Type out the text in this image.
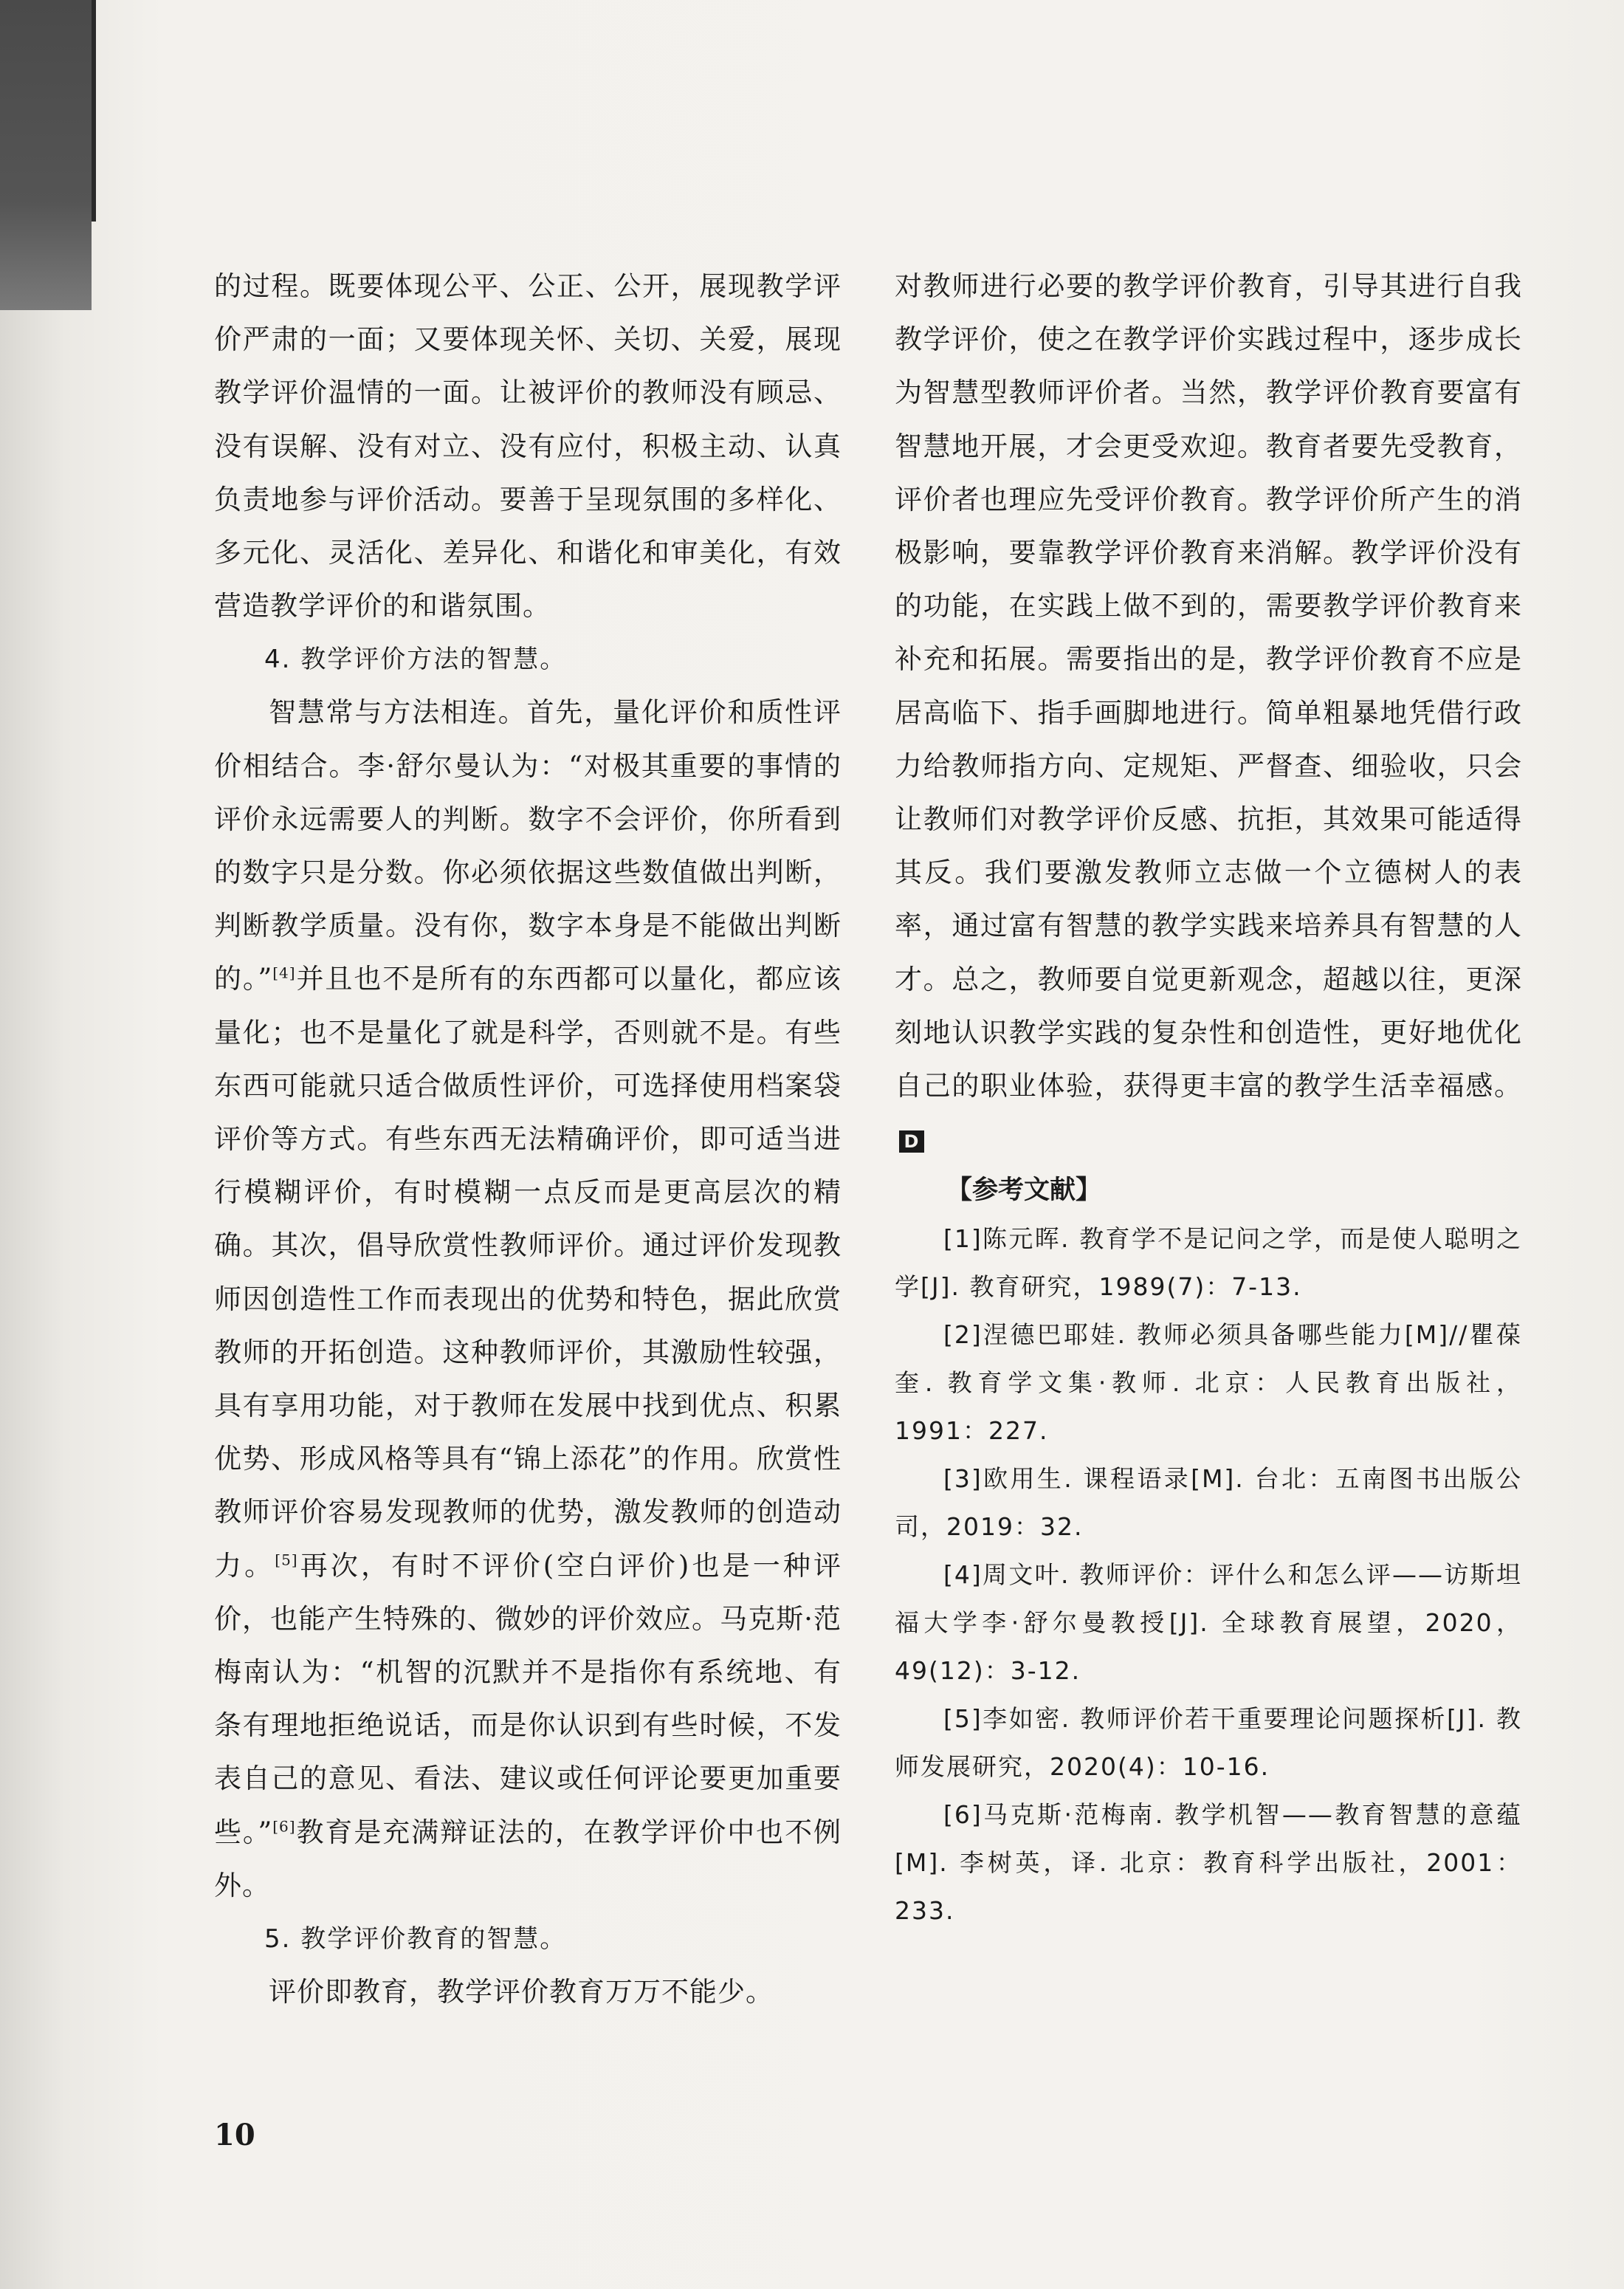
的过程。既要体现公平、公正、公开，展现教学评价严肃的一面；又要体现关怀、关切、关爱，展现教学评价温情的一面。让被评价的教师没有顾忌、没有误解、没有对立、没有应付，积极主动、认真负责地参与评价活动。要善于呈现氛围的多样化、多元化、灵活化、差异化、和谐化和审美化，有效营造教学评价的和谐氛围。

4. 教学评价方法的智慧。

智慧常与方法相连。首先，量化评价和质性评价相结合。李·舒尔曼认为：“对极其重要的事情的评价永远需要人的判断。数字不会评价，你所看到的数字只是分数。你必须依据这些数值做出判断，判断教学质量。没有你，数字本身是不能做出判断的。”[4]并且也不是所有的东西都可以量化，都应该量化；也不是量化了就是科学，否则就不是。有些东西可能就只适合做质性评价，可选择使用档案袋评价等方式。有些东西无法精确评价，即可适当进行模糊评价，有时模糊一点反而是更高层次的精确。其次，倡导欣赏性教师评价。通过评价发现教师因创造性工作而表现出的优势和特色，据此欣赏教师的开拓创造。这种教师评价，其激励性较强，具有享用功能，对于教师在发展中找到优点、积累优势、形成风格等具有“锦上添花”的作用。欣赏性教师评价容易发现教师的优势，激发教师的创造动力。[5]再次，有时不评价(空白评价)也是一种评价，也能产生特殊的、微妙的评价效应。马克斯·范梅南认为：“机智的沉默并不是指你有系统地、有条有理地拒绝说话，而是你认识到有些时候，不发表自己的意见、看法、建议或任何评论要更加重要些。”[6]教育是充满辩证法的，在教学评价中也不例外。

5. 教学评价教育的智慧。

评价即教育，教学评价教育万万不能少。

对教师进行必要的教学评价教育，引导其进行自我教学评价，使之在教学评价实践过程中，逐步成长为智慧型教师评价者。当然，教学评价教育要富有智慧地开展，才会更受欢迎。教育者要先受教育，评价者也理应先受评价教育。教学评价所产生的消极影响，要靠教学评价教育来消解。教学评价没有的功能，在实践上做不到的，需要教学评价教育来补充和拓展。需要指出的是，教学评价教育不应是居高临下、指手画脚地进行。简单粗暴地凭借行政力给教师指方向、定规矩、严督查、细验收，只会让教师们对教学评价反感、抗拒，其效果可能适得其反。我们要激发教师立志做一个立德树人的表率，通过富有智慧的教学实践来培养具有智慧的人才。总之，教师要自觉更新观念，超越以往，更深刻地认识教学实践的复杂性和创造性，更好地优化自己的职业体验，获得更丰富的教学生活幸福感。D

【参考文献】

[1]陈元晖. 教育学不是记问之学，而是使人聪明之学[J]. 教育研究，1989(7)：7-13.

[2]涅德巴耶娃. 教师必须具备哪些能力[M]//瞿葆奎. 教育学文集·教师. 北京：人民教育出版社，1991：227.

[3]欧用生. 课程语录[M]. 台北：五南图书出版公司，2019：32.

[4]周文叶. 教师评价：评什么和怎么评——访斯坦福大学李·舒尔曼教授[J]. 全球教育展望，2020，49(12)：3-12.

[5]李如密. 教师评价若干重要理论问题探析[J]. 教师发展研究，2020(4)：10-16.

[6]马克斯·范梅南. 教学机智——教育智慧的意蕴[M]. 李树英，译. 北京：教育科学出版社，2001：233.

10
